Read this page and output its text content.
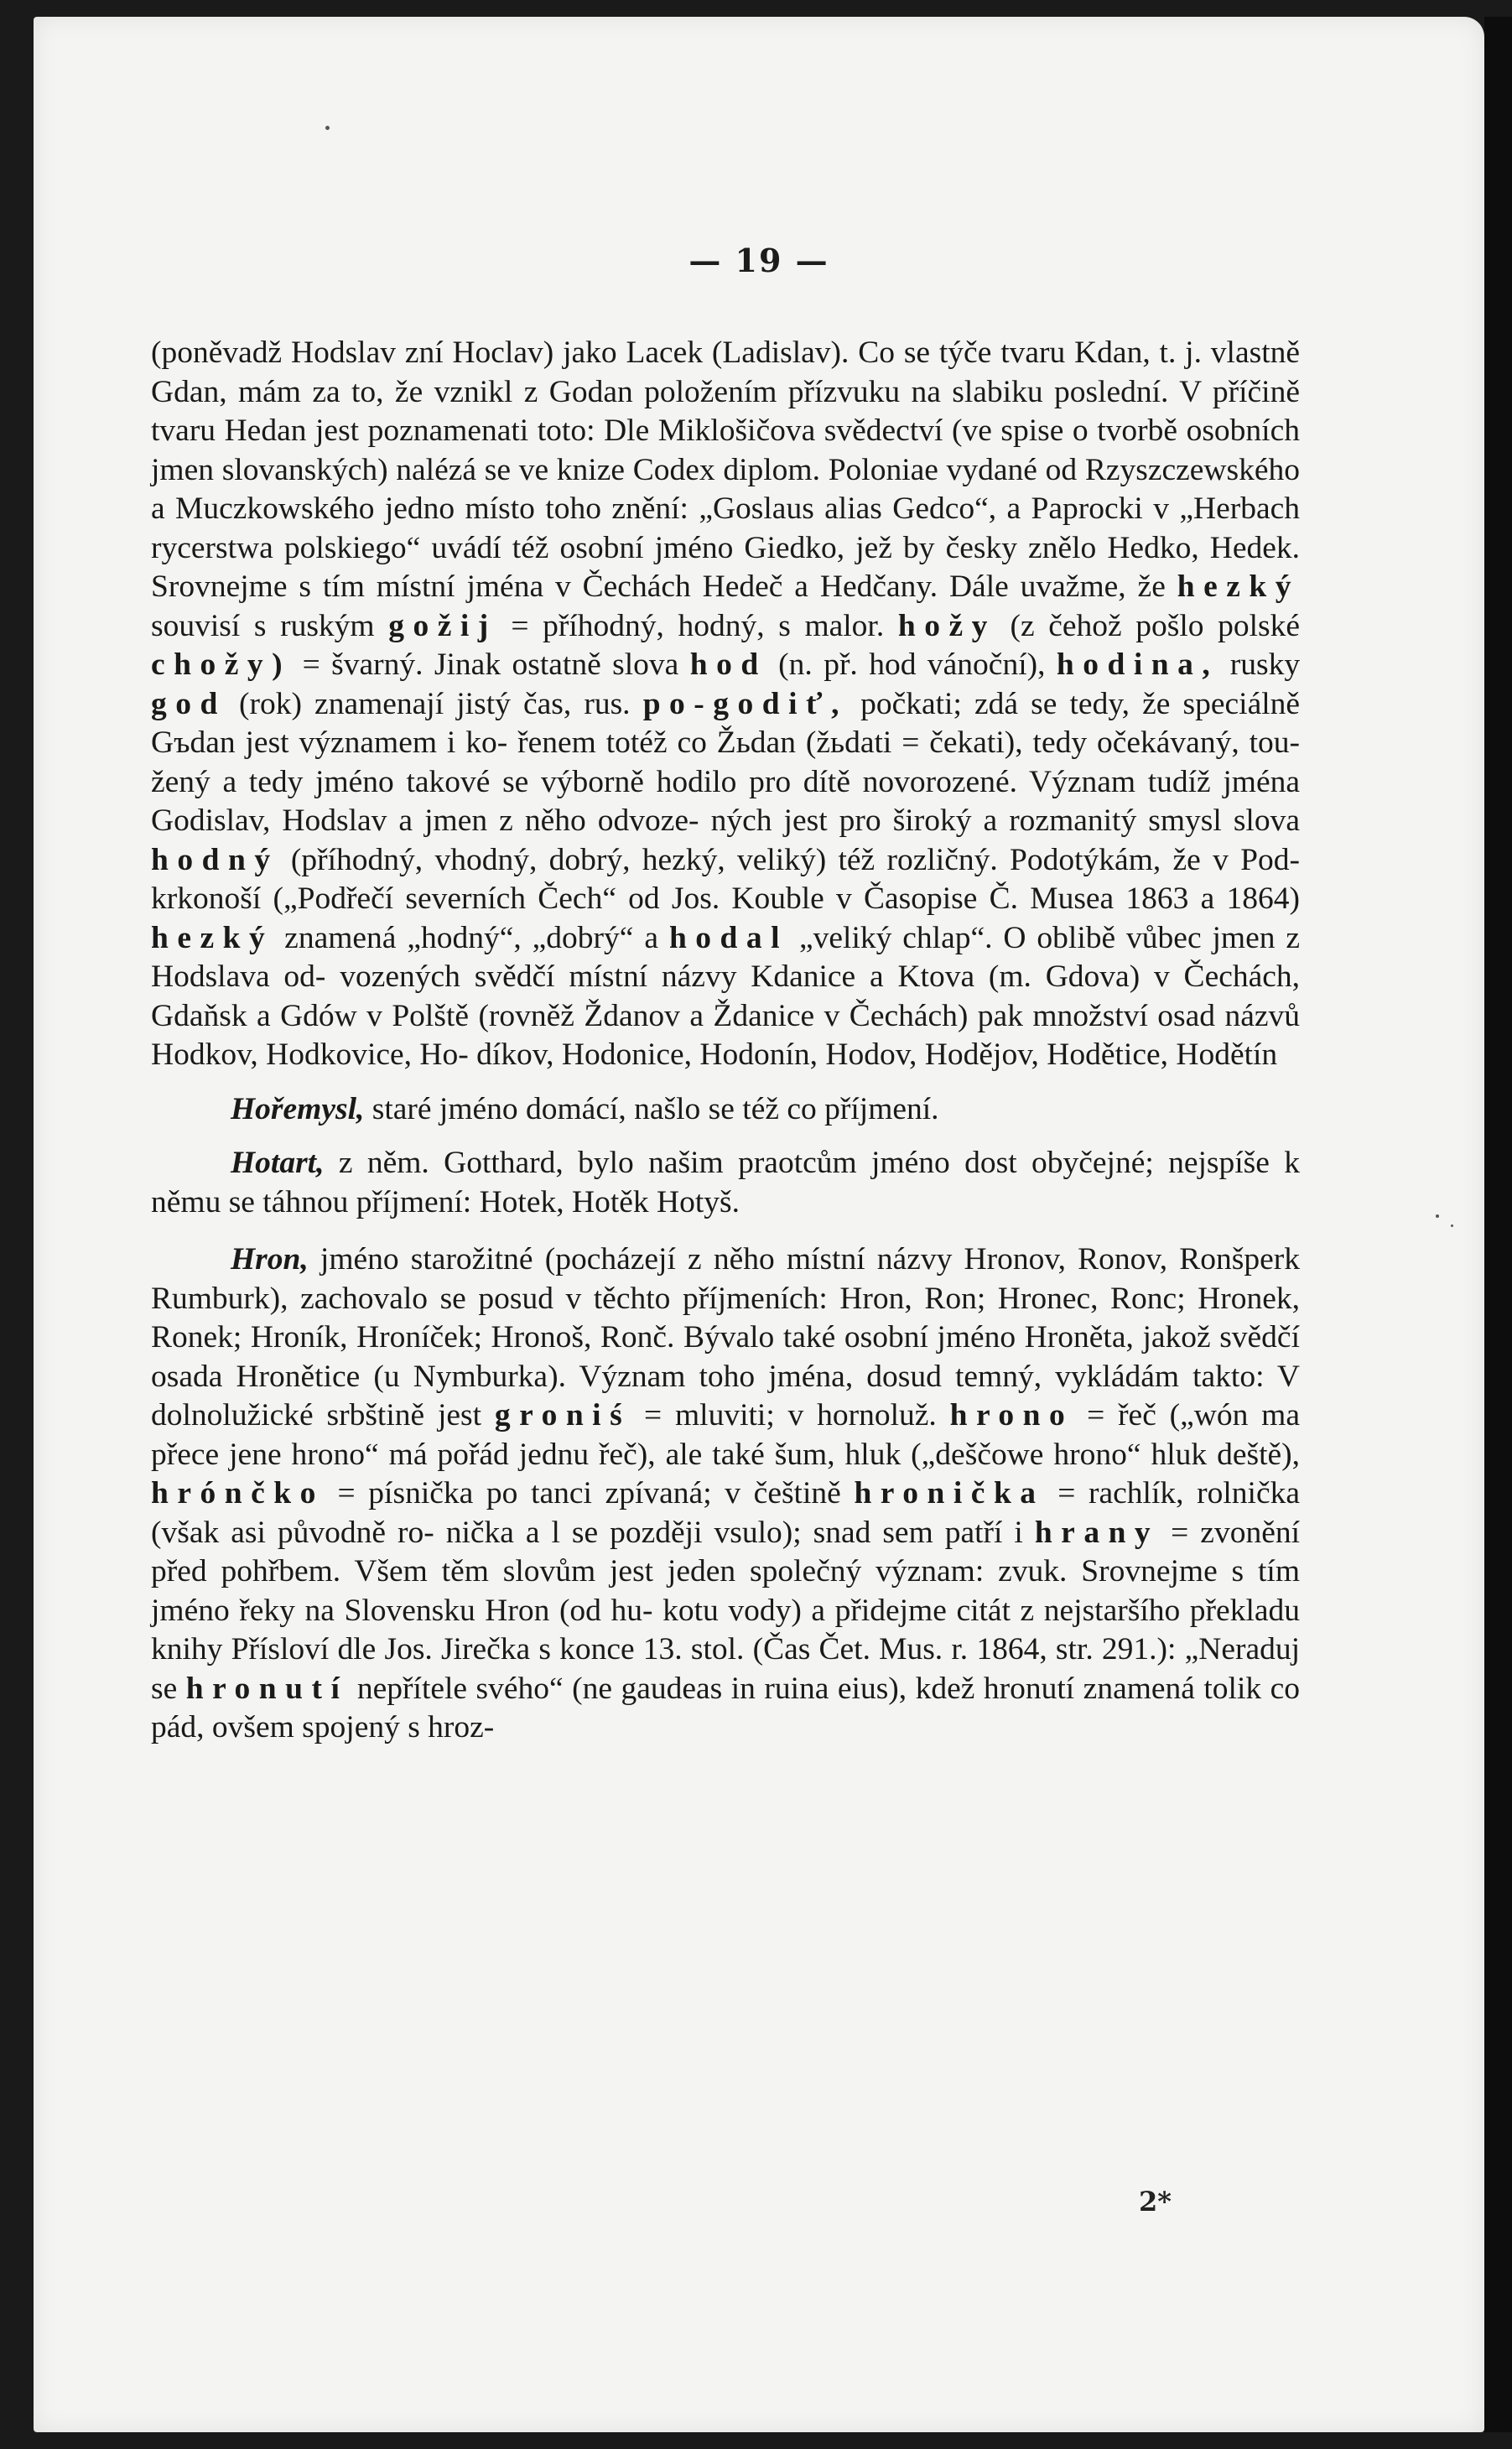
— 19 —

(poněvadž Hodslav zní Hoclav) jako Lacek (Ladislav). Co se týče tvaru Kdan, t. j. vlastně Gdan, mám za to, že vznikl z Godan položením přízvuku na slabiku poslední. V příčině tvaru Hedan jest poznamenati toto: Dle Miklošičova svědectví (ve spise o tvorbě osobních jmen slovanských) nalézá se ve knize Codex diplom. Poloniae vydané od Rzyszczewského a Muczkowského jedno místo toho znění: „Goslaus alias Gedco“, a Paprocki v „Herbach rycerstwa polskiego“ uvádí též osobní jméno Giedko, jež by česky znělo Hedko, Hedek. Srovnejme s tím místní jména v Čechách Hedeč a Hedčany. Dále uvažme, že hezký souvisí s ruským gožij = příhodný, hodný, s malor. hožy (z čehož pošlo polské chožy) = švarný. Jinak ostatně slova hod (n. př. hod vánoční), hodina, rusky god (rok) znamenají jistý čas, rus. po-godiť, počkati; zdá se tedy, že speciálně Gъdan jest významem i ko- řenem totéž co Žьdan (žьdati = čekati), tedy očekávaný, tou- žený a tedy jméno takové se výborně hodilo pro dítě novorozené. Význam tudíž jména Godislav, Hodslav a jmen z něho odvoze- ných jest pro široký a rozmanitý smysl slova hodný (příhodný, vhodný, dobrý, hezký, veliký) též rozličný. Podotýkám, že v Pod- krkonoší („Podřečí severních Čech“ od Jos. Kouble v Časopise Č. Musea 1863 a 1864) hezký znamená „hodný“, „dobrý“ a hodal „veliký chlap“. O oblibě vůbec jmen z Hodslava od- vozených svědčí místní názvy Kdanice a Ktova (m. Gdova) v Čechách, Gdaňsk a Gdów v Polště (rovněž Ždanov a Ždanice v Čechách) pak množství osad názvů Hodkov, Hodkovice, Ho- díkov, Hodonice, Hodonín, Hodov, Hodějov, Hodětice, Hodětín

Hořemysl, staré jméno domácí, našlo se též co příjmení.

Hotart, z něm. Gotthard, bylo našim praotcům jméno dost obyčejné; nejspíše k němu se táhnou příjmení: Hotek, Hotěk Hotyš.

Hron, jméno starožitné (pocházejí z něho místní názvy Hronov, Ronov, Ronšperk Rumburk), zachovalo se posud v těchto příjmeních: Hron, Ron; Hronec, Ronc; Hronek, Ronek; Hroník, Hroníček; Hronoš, Ronč. Bývalo také osobní jméno Hroněta, jakož svědčí osada Hronětice (u Nymburka). Význam toho jména, dosud temný, vykládám takto: V dolnolužické srbštině jest groniś = mluviti; v hornoluž. hrono = řeč („wón ma přece jene hrono“ má pořád jednu řeč), ale také šum, hluk („deščowe hrono“ hluk deště), hrónčko = písnička po tanci zpívaná; v češtině hronička = rachlík, rolnička (však asi původně ro- nička a l se později vsulo); snad sem patří i hrany = zvonění před pohřbem. Všem těm slovům jest jeden společný význam: zvuk. Srovnejme s tím jméno řeky na Slovensku Hron (od hu- kotu vody) a přidejme citát z nejstaršího překladu knihy Přísloví dle Jos. Jirečka s konce 13. stol. (Čas Čet. Mus. r. 1864, str. 291.): „Neraduj se hronutí nepřítele svého“ (ne gaudeas in ruina eius), kdež hronutí znamená tolik co pád, ovšem spojený s hroz-

2*
